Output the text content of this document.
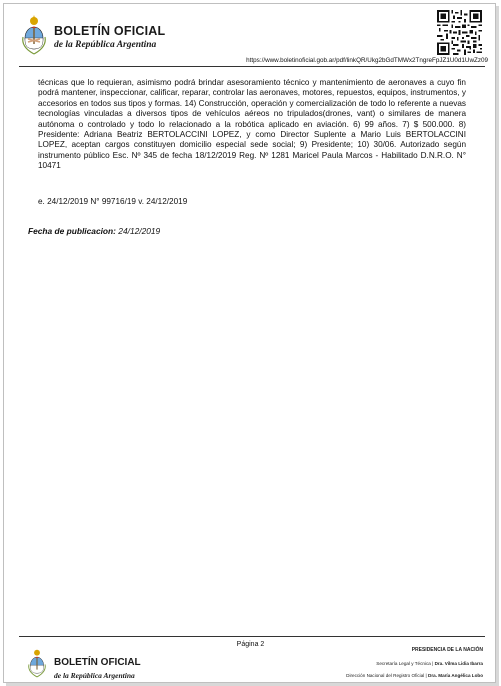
BOLETÍN OFICIAL
de la República Argentina
https://www.boletinoficial.gob.ar/pdf/linkQR/Ukg2bGdTMWx2TngreFpJZ1U0d1UwZz09
técnicas que lo requieran, asimismo podrá brindar asesoramiento técnico y mantenimiento de aeronaves a cuyo fin podrá mantener, inspeccionar, calificar, reparar, controlar las aeronaves, motores, repuestos, equipos, instrumentos, y accesorios en todos sus tipos y formas. 14) Construcción, operación y comercialización de todo lo referente a nuevas tecnologías vinculadas a diversos tipos de vehículos aéreos no tripulados(drones, vant) o similares de manera autónoma o controlado y todo lo relacionado a la robótica aplicado en aviación. 6) 99 años. 7) $ 500.000. 8) Presidente: Adriana Beatriz BERTOLACCINI LOPEZ, y como Director Suplente a Mario Luis BERTOLACCINI LOPEZ, aceptan cargos constituyen domicilio especial sede social; 9) Presidente; 10) 30/06. Autorizado según instrumento público Esc. Nº 345 de fecha 18/12/2019 Reg. Nº 1281 Maricel Paula Marcos - Habilitado D.N.R.O. N° 10471
e. 24/12/2019 N° 99716/19 v. 24/12/2019
Fecha de publicacion: 24/12/2019
Página 2
BOLETÍN OFICIAL
de la República Argentina
PRESIDENCIA DE LA NACIÓN
Secretaría Legal y Técnica | Dra. Vilma Lidia Ibarra
Dirección Nacional del Registro Oficial | Dra. María Angélica Lobo
